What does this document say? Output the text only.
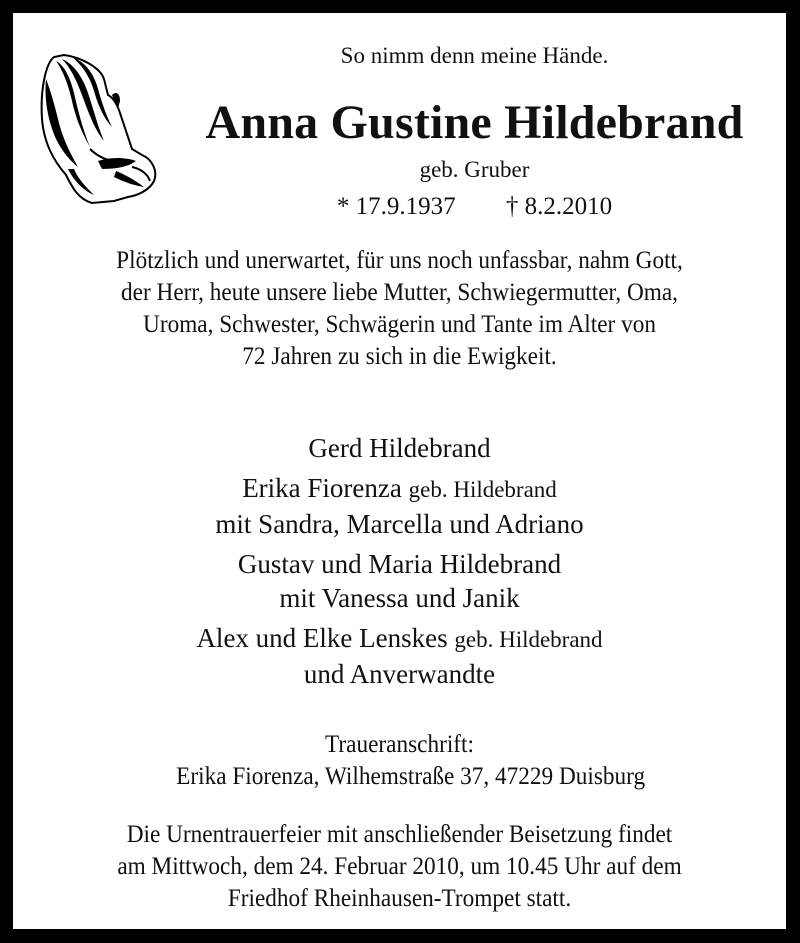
So nimm denn meine Hände.
Anna Gustine Hildebrand
geb. Gruber
* 17.9.1937 † 8.2.2010
Plötzlich und unerwartet, für uns noch unfassbar, nahm Gott,
der Herr, heute unsere liebe Mutter, Schwiegermutter, Oma,
Uroma, Schwester, Schwägerin und Tante im Alter von
72 Jahren zu sich in die Ewigkeit.
Gerd Hildebrand
Erika Fiorenza geb. Hildebrand
mit Sandra, Marcella und Adriano
Gustav und Maria Hildebrand
mit Vanessa und Janik
Alex und Elke Lenskes geb. Hildebrand
und Anverwandte
Traueranschrift:
Erika Fiorenza, Wilhemstraße 37, 47229 Duisburg
Die Urnentrauerfeier mit anschließender Beisetzung findet
am Mittwoch, dem 24. Februar 2010, um 10.45 Uhr auf dem
Friedhof Rheinhausen-Trompet statt.
